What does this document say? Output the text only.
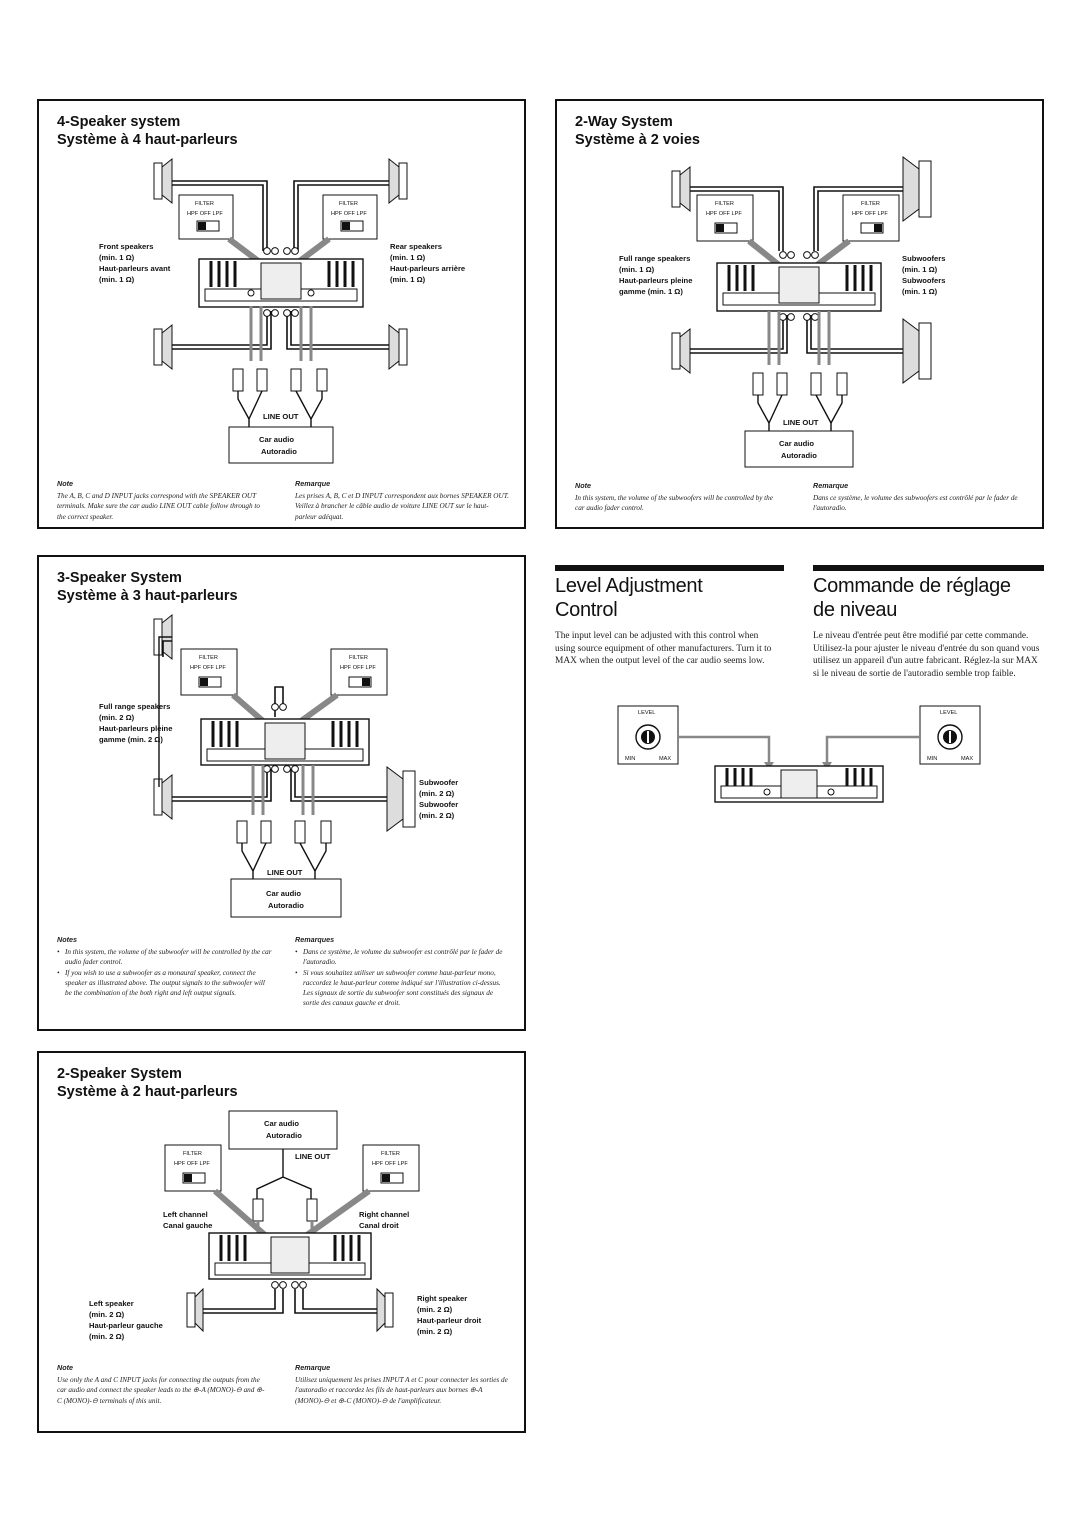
4-Speaker system
Système à 4 haut-parleurs
FILTER
HPF OFF LPF
FILTER
HPF OFF LPF
LINE OUT
Car audio
Autoradio
Front speakers
(min. 1 Ω)
Haut-parleurs avant
(min. 1 Ω)
Rear speakers
(min. 1 Ω)
Haut-parleurs arrière
(min. 1 Ω)
Note
The A, B, C and D INPUT jacks correspond with the SPEAKER OUT terminals. Make sure the car audio LINE OUT cable follow through to the correct speaker.
Remarque
Les prises A, B, C et D INPUT correspondent aux bornes SPEAKER OUT. Veillez à brancher le câble audio de voiture LINE OUT sur le haut-parleur adéquat.
2-Way System
Système à 2 voies
FILTER
HPF OFF LPF
FILTER
HPF OFF LPF
LINE OUT
Car audio
Autoradio
Full range speakers
(min. 1 Ω)
Haut-parleurs pleine
gamme (min. 1 Ω)
Subwoofers
(min. 1 Ω)
Subwoofers
(min. 1 Ω)
Note
In this system, the volume of the subwoofers will be controlled by the car audio fader control.
Remarque
Dans ce système, le volume des subwoofers est contrôlé par le fader de l'autoradio.
3-Speaker System
Système à 3 haut-parleurs
FILTER
HPF OFF LPF
FILTER
HPF OFF LPF
LINE OUT
Car audio
Autoradio
Full range speakers
(min. 2 Ω)
Haut-parleurs pleine
gamme (min. 2 Ω)
Subwoofer
(min. 2 Ω)
Subwoofer
(min. 2 Ω)
Notes
• In this system, the volume of the subwoofer will be controlled by the car audio fader control.
• If you wish to use a subwoofer as a monaural speaker, connect the speaker as illustrated above. The output signals to the subwoofer will be the combination of the both right and left output signals.
Remarques
• Dans ce système, le volume du subwoofer est contrôlé par le fader de l'autoradio.
• Si vous souhaitez utiliser un subwoofer comme haut-parleur mono, raccordez le haut-parleur comme indiqué sur l'illustration ci-dessus. Les signaux de sortie du subwoofer sont constitués des signaux de sortie des canaux gauche et droit.
2-Speaker System
Système à 2 haut-parleurs
Car audio
Autoradio
LINE OUT
FILTER
HPF OFF LPF
FILTER
HPF OFF LPF
Left channel
Canal gauche
Right channel
Canal droit
Left speaker
(min. 2 Ω)
Haut-parleur gauche
(min. 2 Ω)
Right speaker
(min. 2 Ω)
Haut-parleur droit
(min. 2 Ω)
Note
Use only the A and C INPUT jacks for connecting the outputs from the car audio and connect the speaker leads to the ⊕-A (MONO)-⊖ and ⊕-C (MONO)-⊖ terminals of this unit.
Remarque
Utilisez uniquement les prises INPUT A et C pour connecter les sorties de l'autoradio et raccordez les fils de haut-parleurs aux bornes ⊕-A (MONO)-⊖ et ⊕-C (MONO)-⊖ de l'amplificateur.
Level Adjustment
Control
Commande de réglage
de niveau
The input level can be adjusted with this control when using source equipment of other manufacturers. Turn it to MAX when the output level of the car audio seems low.
Le niveau d'entrée peut être modifié par cette commande. Utilisez-la pour ajuster le niveau d'entrée du son quand vous utilisez un appareil d'un autre fabricant. Réglez-la sur MAX si le niveau de sortie de l'autoradio semble trop faible.
LEVEL
MIN	MAX
LEVEL
MIN	MAX
